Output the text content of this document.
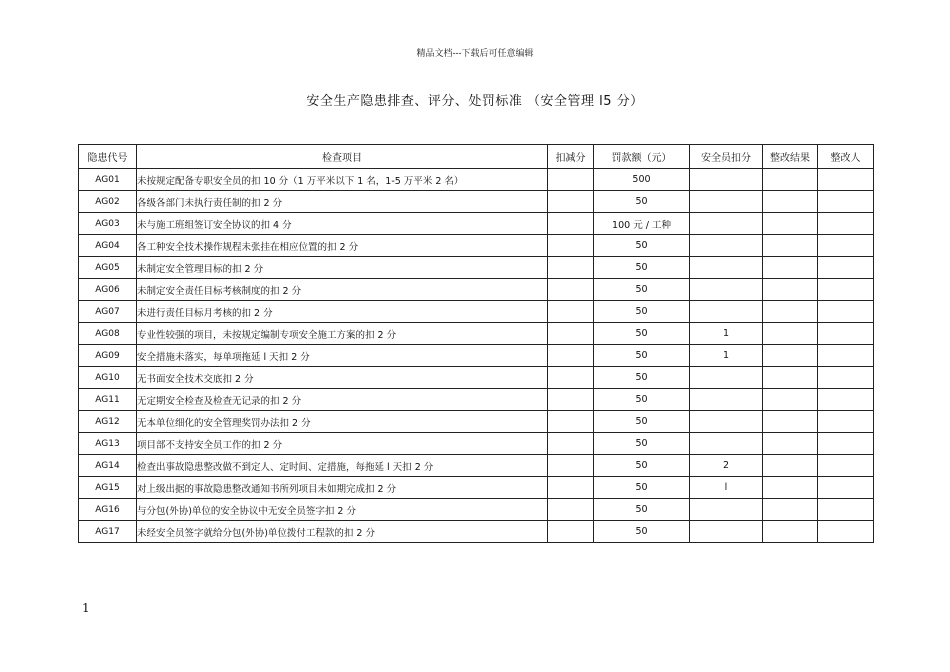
精品文档---下载后可任意编辑
安全生产隐患排查、评分、处罚标准 （安全管理 l5 分）
隐患代号	检查项目	扣减分	罚款额（元）	安全员扣分	整改结果	整改人
AG01	未按规定配备专职安全员的扣 10 分（1 万平米以下 1 名，1-5 万平米 2 名）		500			
AG02	各级各部门未执行责任制的扣 2 分		50			
AG03	未与施工班组签订安全协议的扣 4 分		100 元 / 工种			
AG04	各工种安全技术操作规程未张挂在相应位置的扣 2 分		50			
AG05	未制定安全管理目标的扣 2 分		50			
AG06	未制定安全责任目标考核制度的扣 2 分		50			
AG07	未进行责任目标月考核的扣 2 分		50			
AG08	专业性较强的项目，未按规定编制专项安全施工方案的扣 2 分		50	1		
AG09	安全措施未落实，每单项拖延 l 天扣 2 分		50	1		
AG10	无书面安全技术交底扣 2 分		50			
AG11	无定期安全检查及检查无记录的扣 2 分		50			
AG12	无本单位细化的安全管理奖罚办法扣 2 分		50			
AG13	项目部不支持安全员工作的扣 2 分		50			
AG14	检查出事故隐患整改做不到定人、定时间、定措施，每拖延 l 天扣 2 分		50	2		
AG15	对上级出据的事故隐患整改通知书所列项目未如期完成扣 2 分		50	l		
AG16	与分包(外协)单位的安全协议中无安全员签字扣 2 分		50			
AG17	未经安全员签字就给分包(外协)单位拨付工程款的扣 2 分		50			
1
